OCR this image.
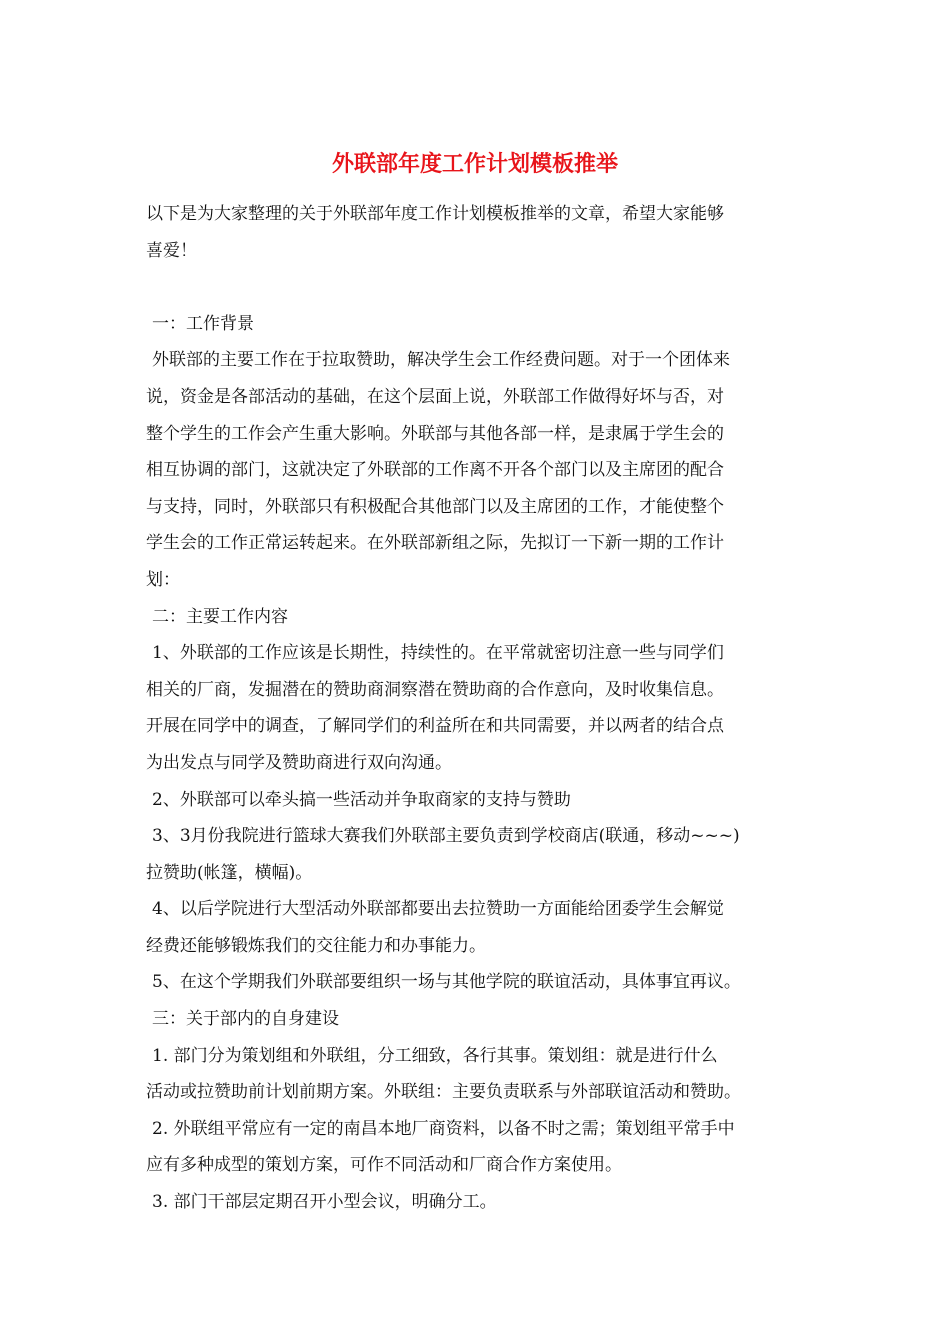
外联部年度工作计划模板推举
以下是为大家整理的关于外联部年度工作计划模板推举的文章，希望大家能够
喜爱！
一：工作背景
外联部的主要工作在于拉取赞助，解决学生会工作经费问题。对于一个团体来
说，资金是各部活动的基础，在这个层面上说，外联部工作做得好坏与否，对
整个学生的工作会产生重大影响。外联部与其他各部一样，是隶属于学生会的
相互协调的部门，这就决定了外联部的工作离不开各个部门以及主席团的配合
与支持，同时，外联部只有积极配合其他部门以及主席团的工作，才能使整个
学生会的工作正常运转起来。在外联部新组之际，先拟订一下新一期的工作计
划：
二：主要工作内容
1、外联部的工作应该是长期性，持续性的。在平常就密切注意一些与同学们
相关的厂商，发掘潜在的赞助商洞察潜在赞助商的合作意向，及时收集信息。
开展在同学中的调查，了解同学们的利益所在和共同需要，并以两者的结合点
为出发点与同学及赞助商进行双向沟通。
2、外联部可以牵头搞一些活动并争取商家的支持与赞助
3、3月份我院进行篮球大赛我们外联部主要负责到学校商店(联通，移动~~~)
拉赞助(帐篷，横幅)。
4、以后学院进行大型活动外联部都要出去拉赞助一方面能给团委学生会解觉
经费还能够锻炼我们的交往能力和办事能力。
5、在这个学期我们外联部要组织一场与其他学院的联谊活动，具体事宜再议。
三：关于部内的自身建设
1. 部门分为策划组和外联组，分工细致，各行其事。策划组：就是进行什么
活动或拉赞助前计划前期方案。外联组：主要负责联系与外部联谊活动和赞助。
2. 外联组平常应有一定的南昌本地厂商资料，以备不时之需；策划组平常手中
应有多种成型的策划方案，可作不同活动和厂商合作方案使用。
3. 部门干部层定期召开小型会议，明确分工。
